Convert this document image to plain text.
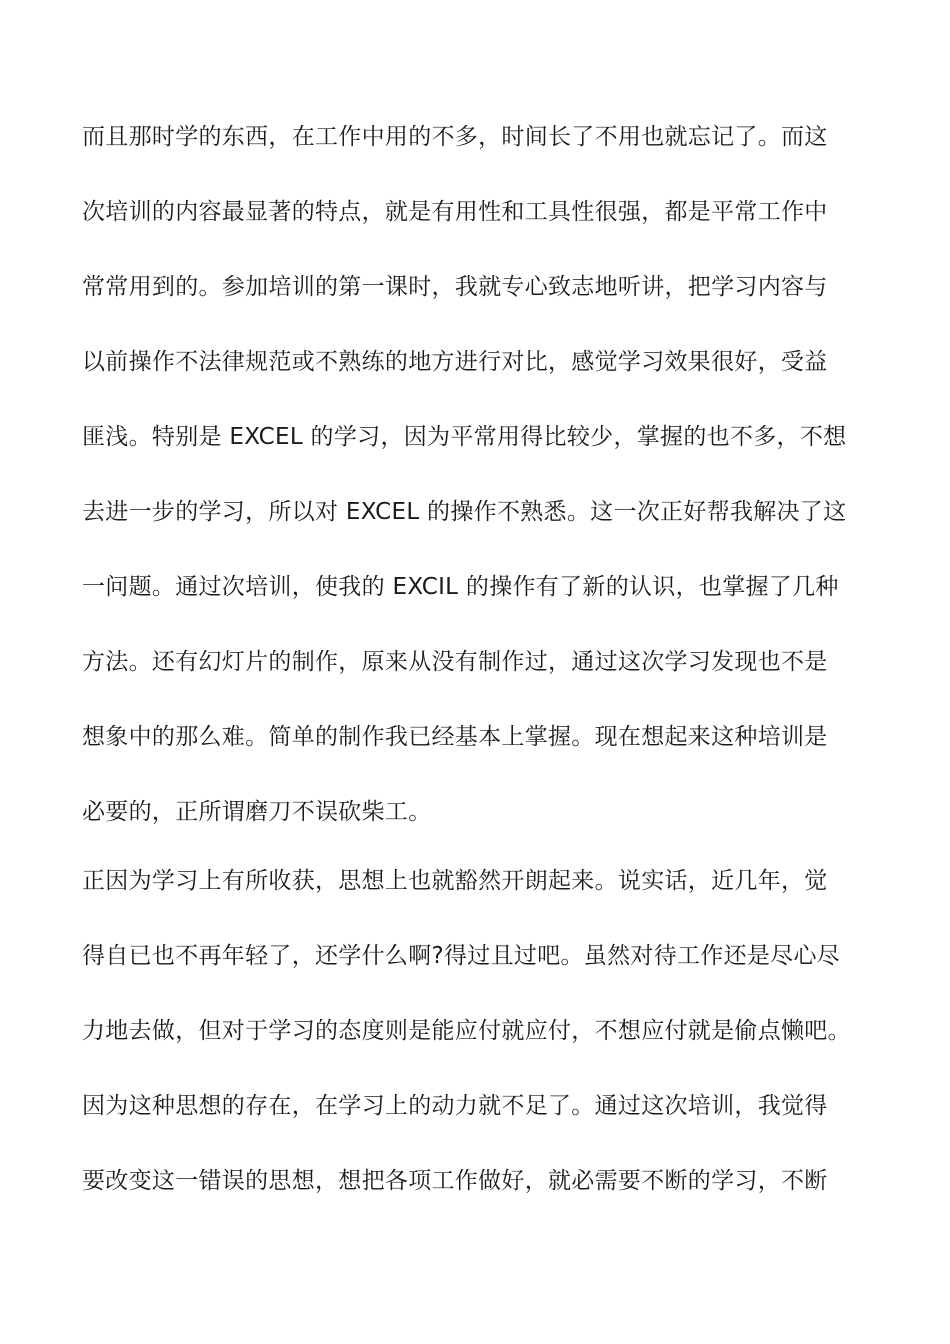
而且那时学的东西，在工作中用的不多，时间长了不用也就忘记了。而这
次培训的内容最显著的特点，就是有用性和工具性很强，都是平常工作中
常常用到的。参加培训的第一课时，我就专心致志地听讲，把学习内容与
以前操作不法律规范或不熟练的地方进行对比，感觉学习效果很好，受益
匪浅。特别是 EXCEL 的学习，因为平常用得比较少，掌握的也不多，不想
去进一步的学习，所以对 EXCEL 的操作不熟悉。这一次正好帮我解决了这
一问题。通过次培训，使我的 EXCIL 的操作有了新的认识，也掌握了几种
方法。还有幻灯片的制作，原来从没有制作过，通过这次学习发现也不是
想象中的那么难。简单的制作我已经基本上掌握。现在想起来这种培训是
必要的，正所谓磨刀不误砍柴工。
正因为学习上有所收获，思想上也就豁然开朗起来。说实话，近几年，觉
得自已也不再年轻了，还学什么啊?得过且过吧。虽然对待工作还是尽心尽
力地去做，但对于学习的态度则是能应付就应付，不想应付就是偷点懒吧。
因为这种思想的存在，在学习上的动力就不足了。通过这次培训，我觉得
要改变这一错误的思想，想把各项工作做好，就必需要不断的学习，不断
